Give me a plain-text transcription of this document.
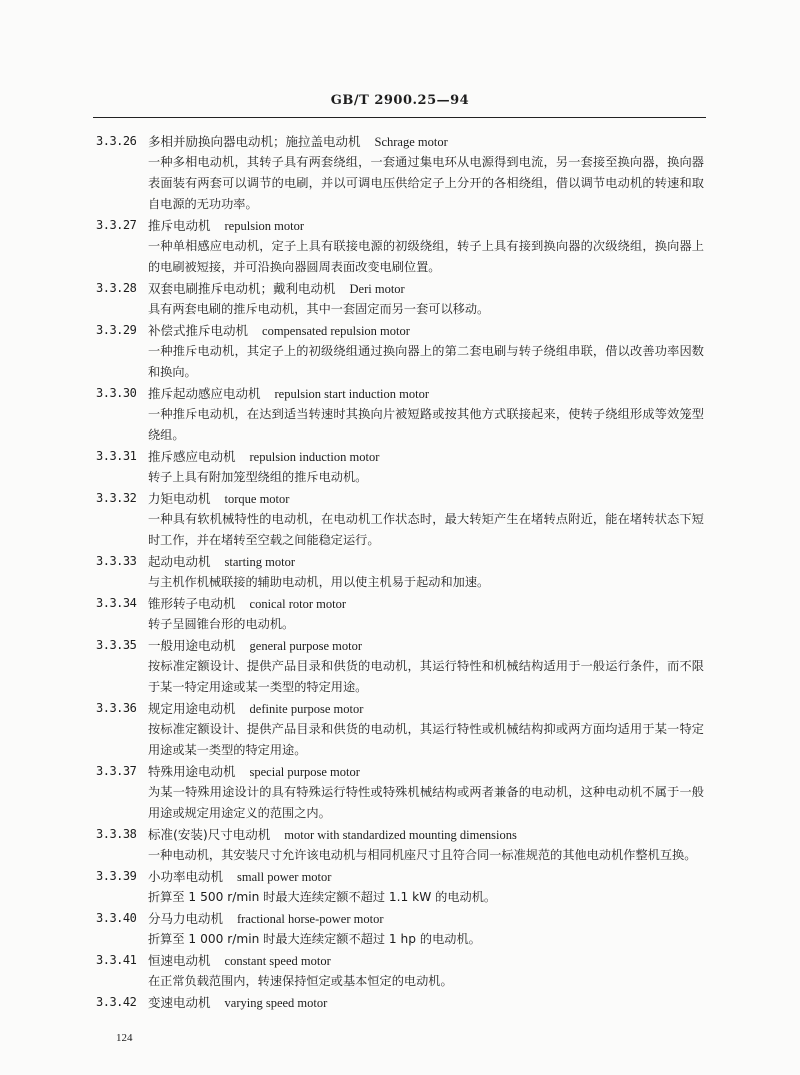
GB/T 2900.25—94
3.3.26 多相并励换向器电动机；施拉盖电动机 Schrage motor
一种多相电动机，其转子具有两套绕组，一套通过集电环从电源得到电流，另一套接至换向器，换向器表面装有两套可以调节的电刷，并以可调电压供给定子上分开的各相绕组，借以调节电动机的转速和取自电源的无功功率。
3.3.27 推斥电动机 repulsion motor
一种单相感应电动机，定子上具有联接电源的初级绕组，转子上具有接到换向器的次级绕组，换向器上的电刷被短接，并可沿换向器圆周表面改变电刷位置。
3.3.28 双套电刷推斥电动机；戴利电动机 Deri motor
具有两套电刷的推斥电动机，其中一套固定而另一套可以移动。
3.3.29 补偿式推斥电动机 compensated repulsion motor
一种推斥电动机，其定子上的初级绕组通过换向器上的第二套电刷与转子绕组串联，借以改善功率因数和换向。
3.3.30 推斥起动感应电动机 repulsion start induction motor
一种推斥电动机，在达到适当转速时其换向片被短路或按其他方式联接起来，使转子绕组形成等效笼型绕组。
3.3.31 推斥感应电动机 repulsion induction motor
转子上具有附加笼型绕组的推斥电动机。
3.3.32 力矩电动机 torque motor
一种具有软机械特性的电动机，在电动机工作状态时，最大转矩产生在堵转点附近，能在堵转状态下短时工作，并在堵转至空载之间能稳定运行。
3.3.33 起动电动机 starting motor
与主机作机械联接的辅助电动机，用以使主机易于起动和加速。
3.3.34 锥形转子电动机 conical rotor motor
转子呈圆锥台形的电动机。
3.3.35 一般用途电动机 general purpose motor
按标准定额设计、提供产品目录和供货的电动机，其运行特性和机械结构适用于一般运行条件，而不限于某一特定用途或某一类型的特定用途。
3.3.36 规定用途电动机 definite purpose motor
按标准定额设计、提供产品目录和供货的电动机，其运行特性或机械结构抑或两方面均适用于某一特定用途或某一类型的特定用途。
3.3.37 特殊用途电动机 special purpose motor
为某一特殊用途设计的具有特殊运行特性或特殊机械结构或两者兼备的电动机，这种电动机不属于一般用途或规定用途定义的范围之内。
3.3.38 标准(安装)尺寸电动机 motor with standardized mounting dimensions
一种电动机，其安装尺寸允许该电动机与相同机座尺寸且符合同一标准规范的其他电动机作整机互换。
3.3.39 小功率电动机 small power motor
折算至 1 500 r/min 时最大连续定额不超过 1.1 kW 的电动机。
3.3.40 分马力电动机 fractional horse-power motor
折算至 1 000 r/min 时最大连续定额不超过 1 hp 的电动机。
3.3.41 恒速电动机 constant speed motor
在正常负载范围内，转速保持恒定或基本恒定的电动机。
3.3.42 变速电动机 varying speed motor
124
